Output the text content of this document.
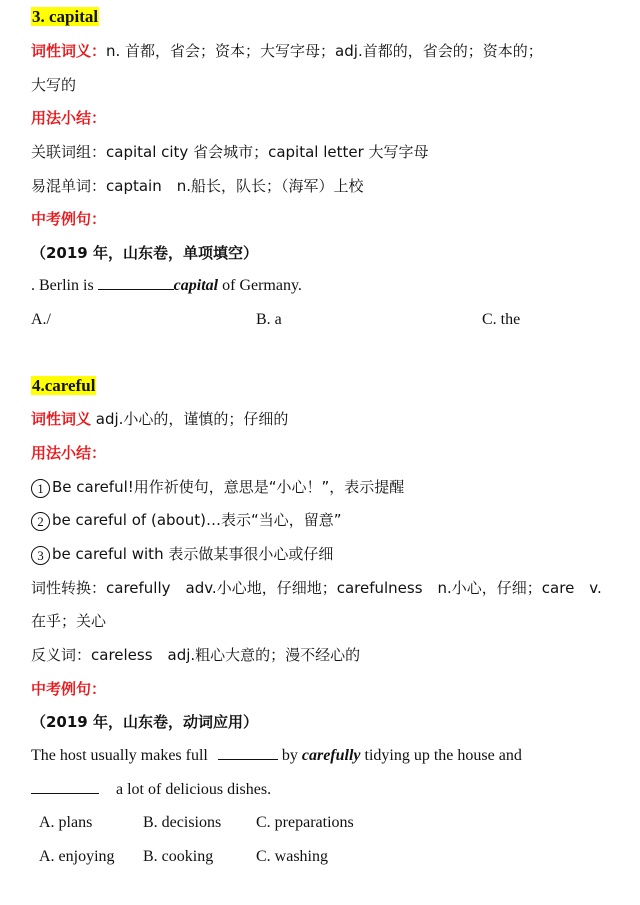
3. capital
词性词义：n. 首都，省会；资本；大写字母；adj.首都的，省会的；资本的；
大写的
用法小结：
关联词组：capital city 省会城市；capital letter 大写字母
易混单词：captain　n.船长，队长；（海军）上校
中考例句：
（2019 年，山东卷，单项填空）
. Berlin is	capital of Germany.
A./	B. a	C. the
4.careful
词性词义 adj.小心的，谨慎的；仔细的
用法小结：
1 Be careful!用作祈使句，意思是“小心！”，表示提醒
2 be careful of (about)…表示“当心，留意”
3 be careful with 表示做某事很小心或仔细
词性转换：carefully　adv.小心地，仔细地；carefulness　n.小心，仔细；care　v.
在乎；关心
反义词：careless　adj.粗心大意的；漫不经心的
中考例句：
（2019 年，山东卷，动词应用）
The host usually makes full	by carefully tidying up the house and
a lot of delicious dishes.
A. plans	B. decisions C. preparations
A. enjoying B. cooking	C. washing
